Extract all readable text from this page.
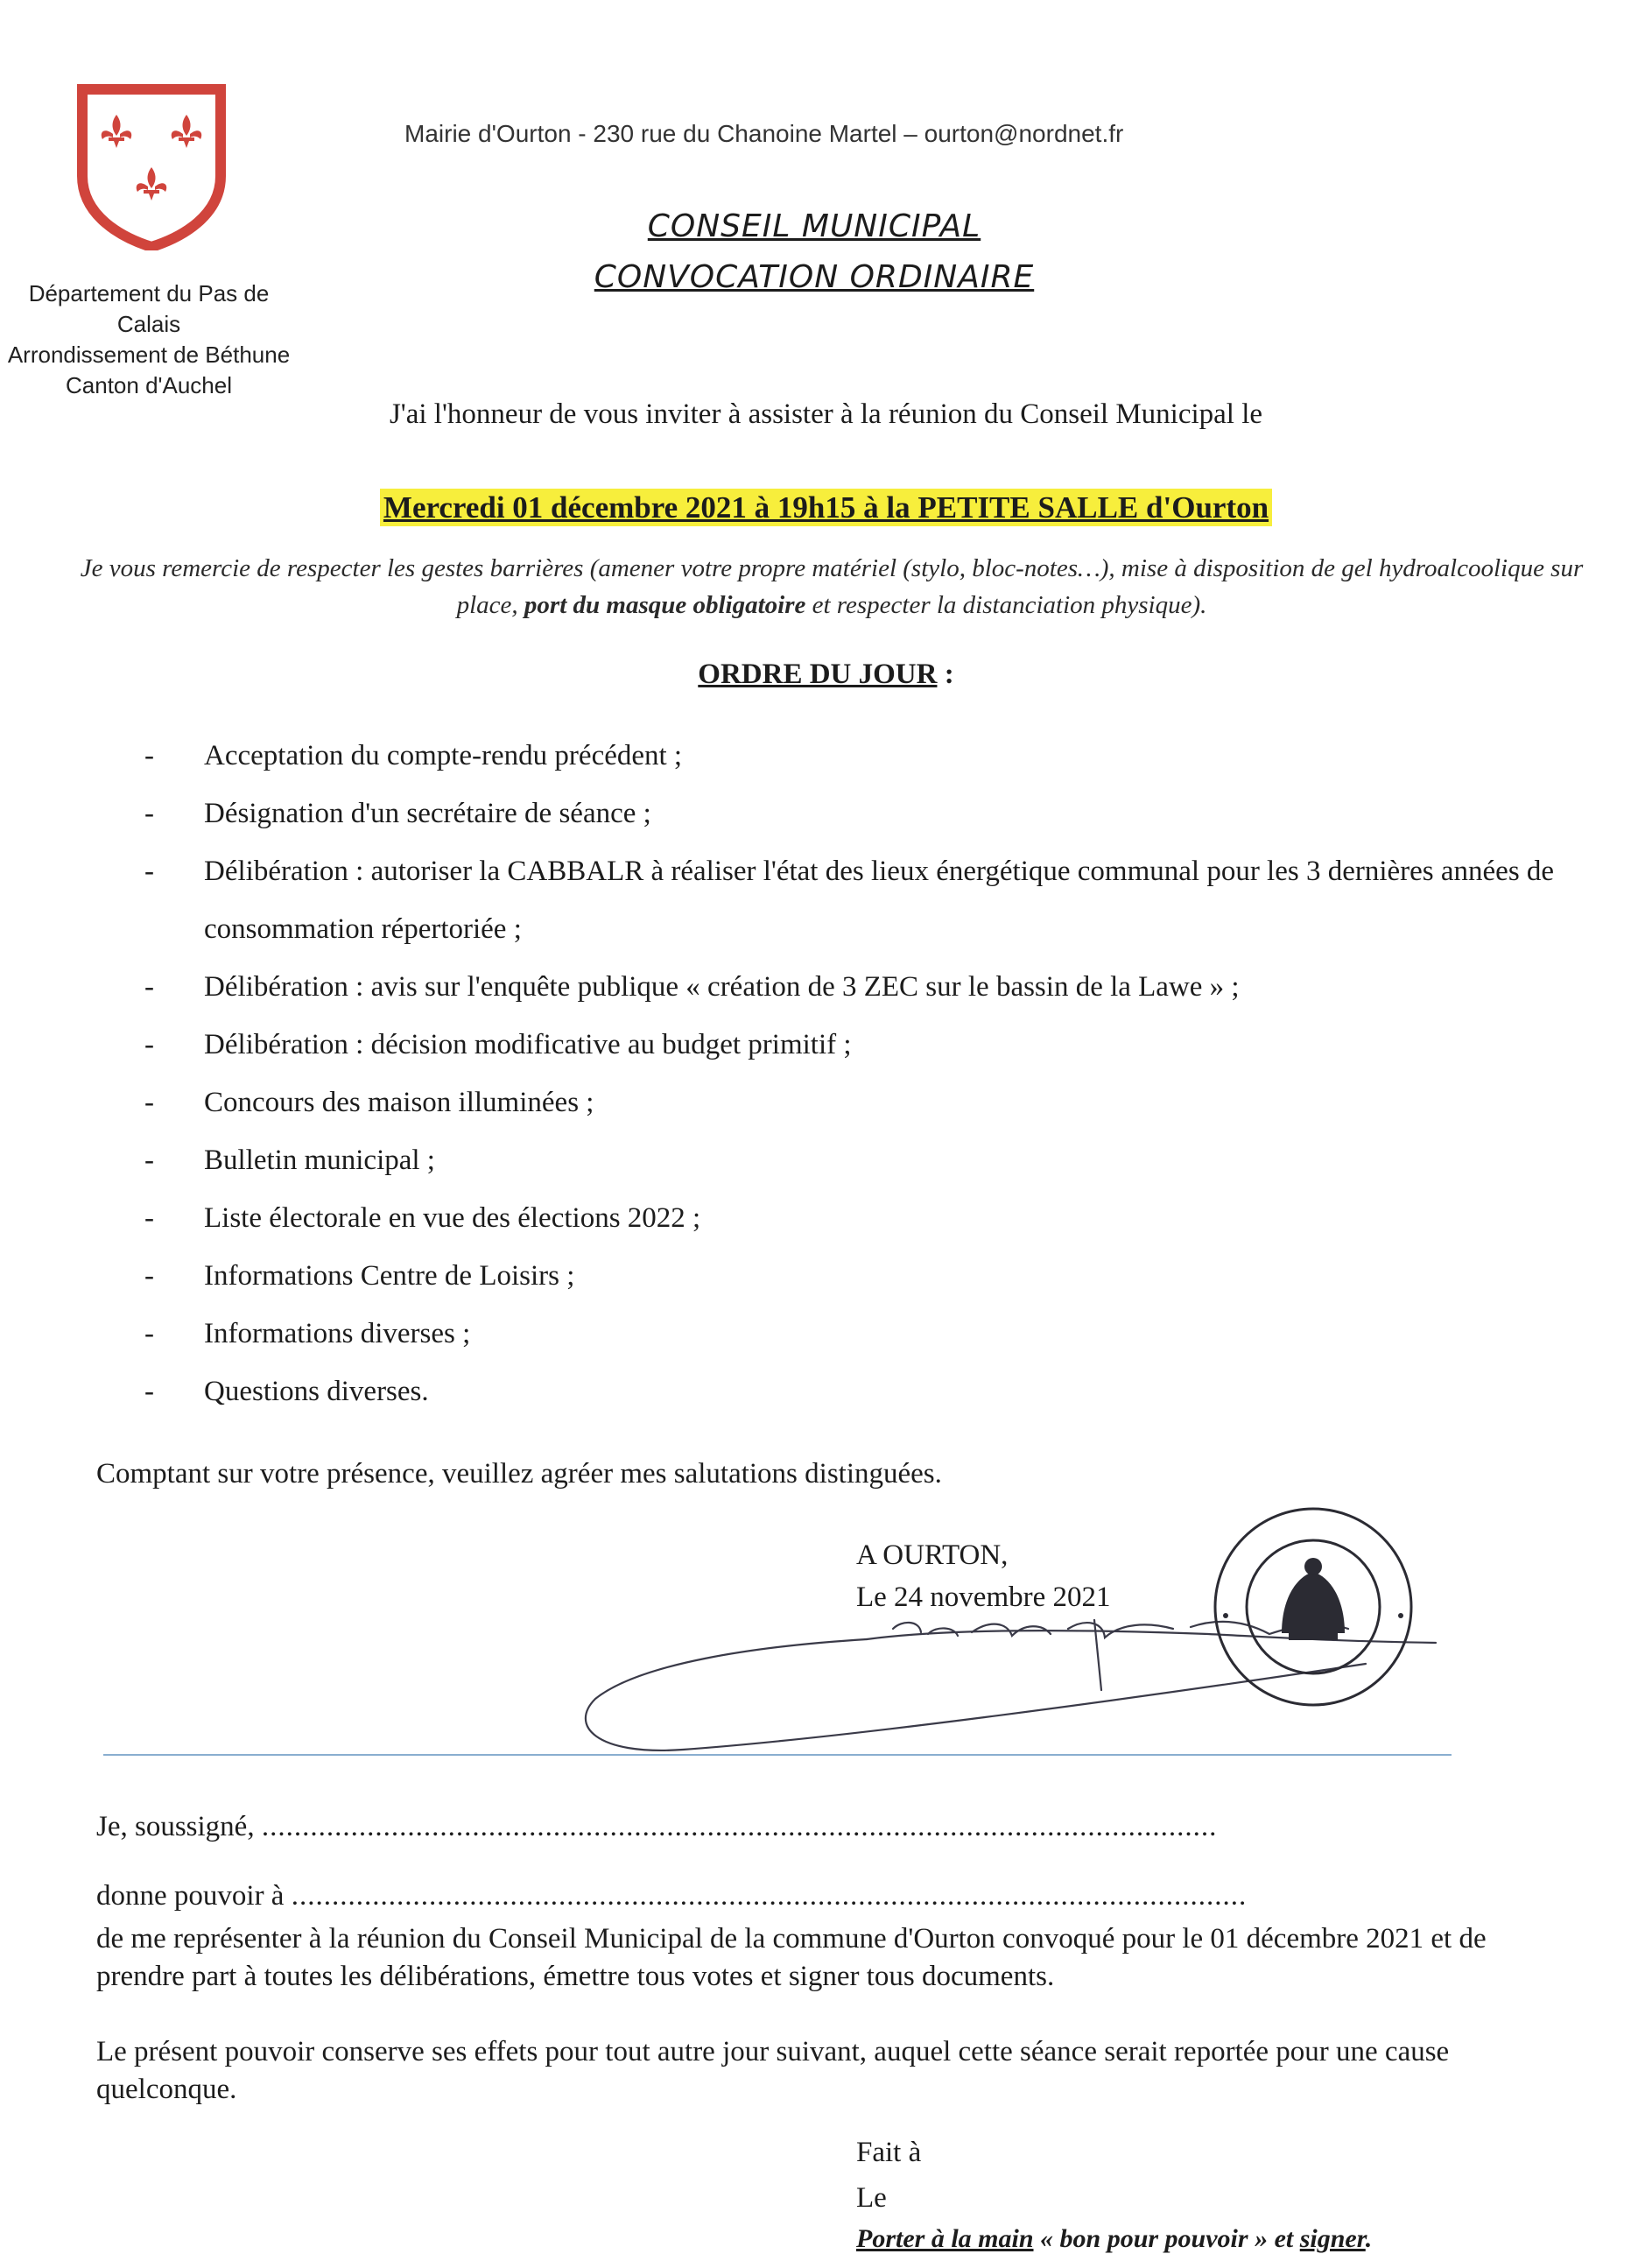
Département du Pas de Calais
Arrondissement de Béthune
Canton d'Auchel
Mairie d'Ourton - 230 rue du Chanoine Martel – ourton@nordnet.fr
CONSEIL MUNICIPAL
CONVOCATION ORDINAIRE
J'ai l'honneur de vous inviter à assister à la réunion du Conseil Municipal le
Mercredi 01 décembre 2021 à 19h15 à la PETITE SALLE d'Ourton
Je vous remercie de respecter les gestes barrières (amener votre propre matériel (stylo, bloc-notes…), mise à disposition de gel hydroalcoolique sur place, port du masque obligatoire et respecter la distanciation physique).
ORDRE DU JOUR :
- Acceptation du compte-rendu précédent ;
- Désignation d'un secrétaire de séance ;
- Délibération : autoriser la CABBALR à réaliser l'état des lieux énergétique communal pour les 3 dernières années de consommation répertoriée ;
- Délibération : avis sur l'enquête publique « création de 3 ZEC sur le bassin de la Lawe » ;
- Délibération : décision modificative au budget primitif ;
- Concours des maison illuminées ;
- Bulletin municipal ;
- Liste électorale en vue des élections 2022 ;
- Informations Centre de Loisirs ;
- Informations diverses ;
- Questions diverses.
Comptant sur votre présence, veuillez agréer mes salutations distinguées.
A OURTON,
Le 24 novembre 2021
Je, soussigné, ......................................................................................................................
donne pouvoir à ......................................................................................................................
de me représenter à la réunion du Conseil Municipal de la commune d'Ourton convoqué pour le 01 décembre 2021 et de prendre part à toutes les délibérations, émettre tous votes et signer tous documents.
Le présent pouvoir conserve ses effets pour tout autre jour suivant, auquel cette séance serait reportée pour une cause quelconque.
Fait à
Le
Porter à la main « bon pour pouvoir » et signer.
